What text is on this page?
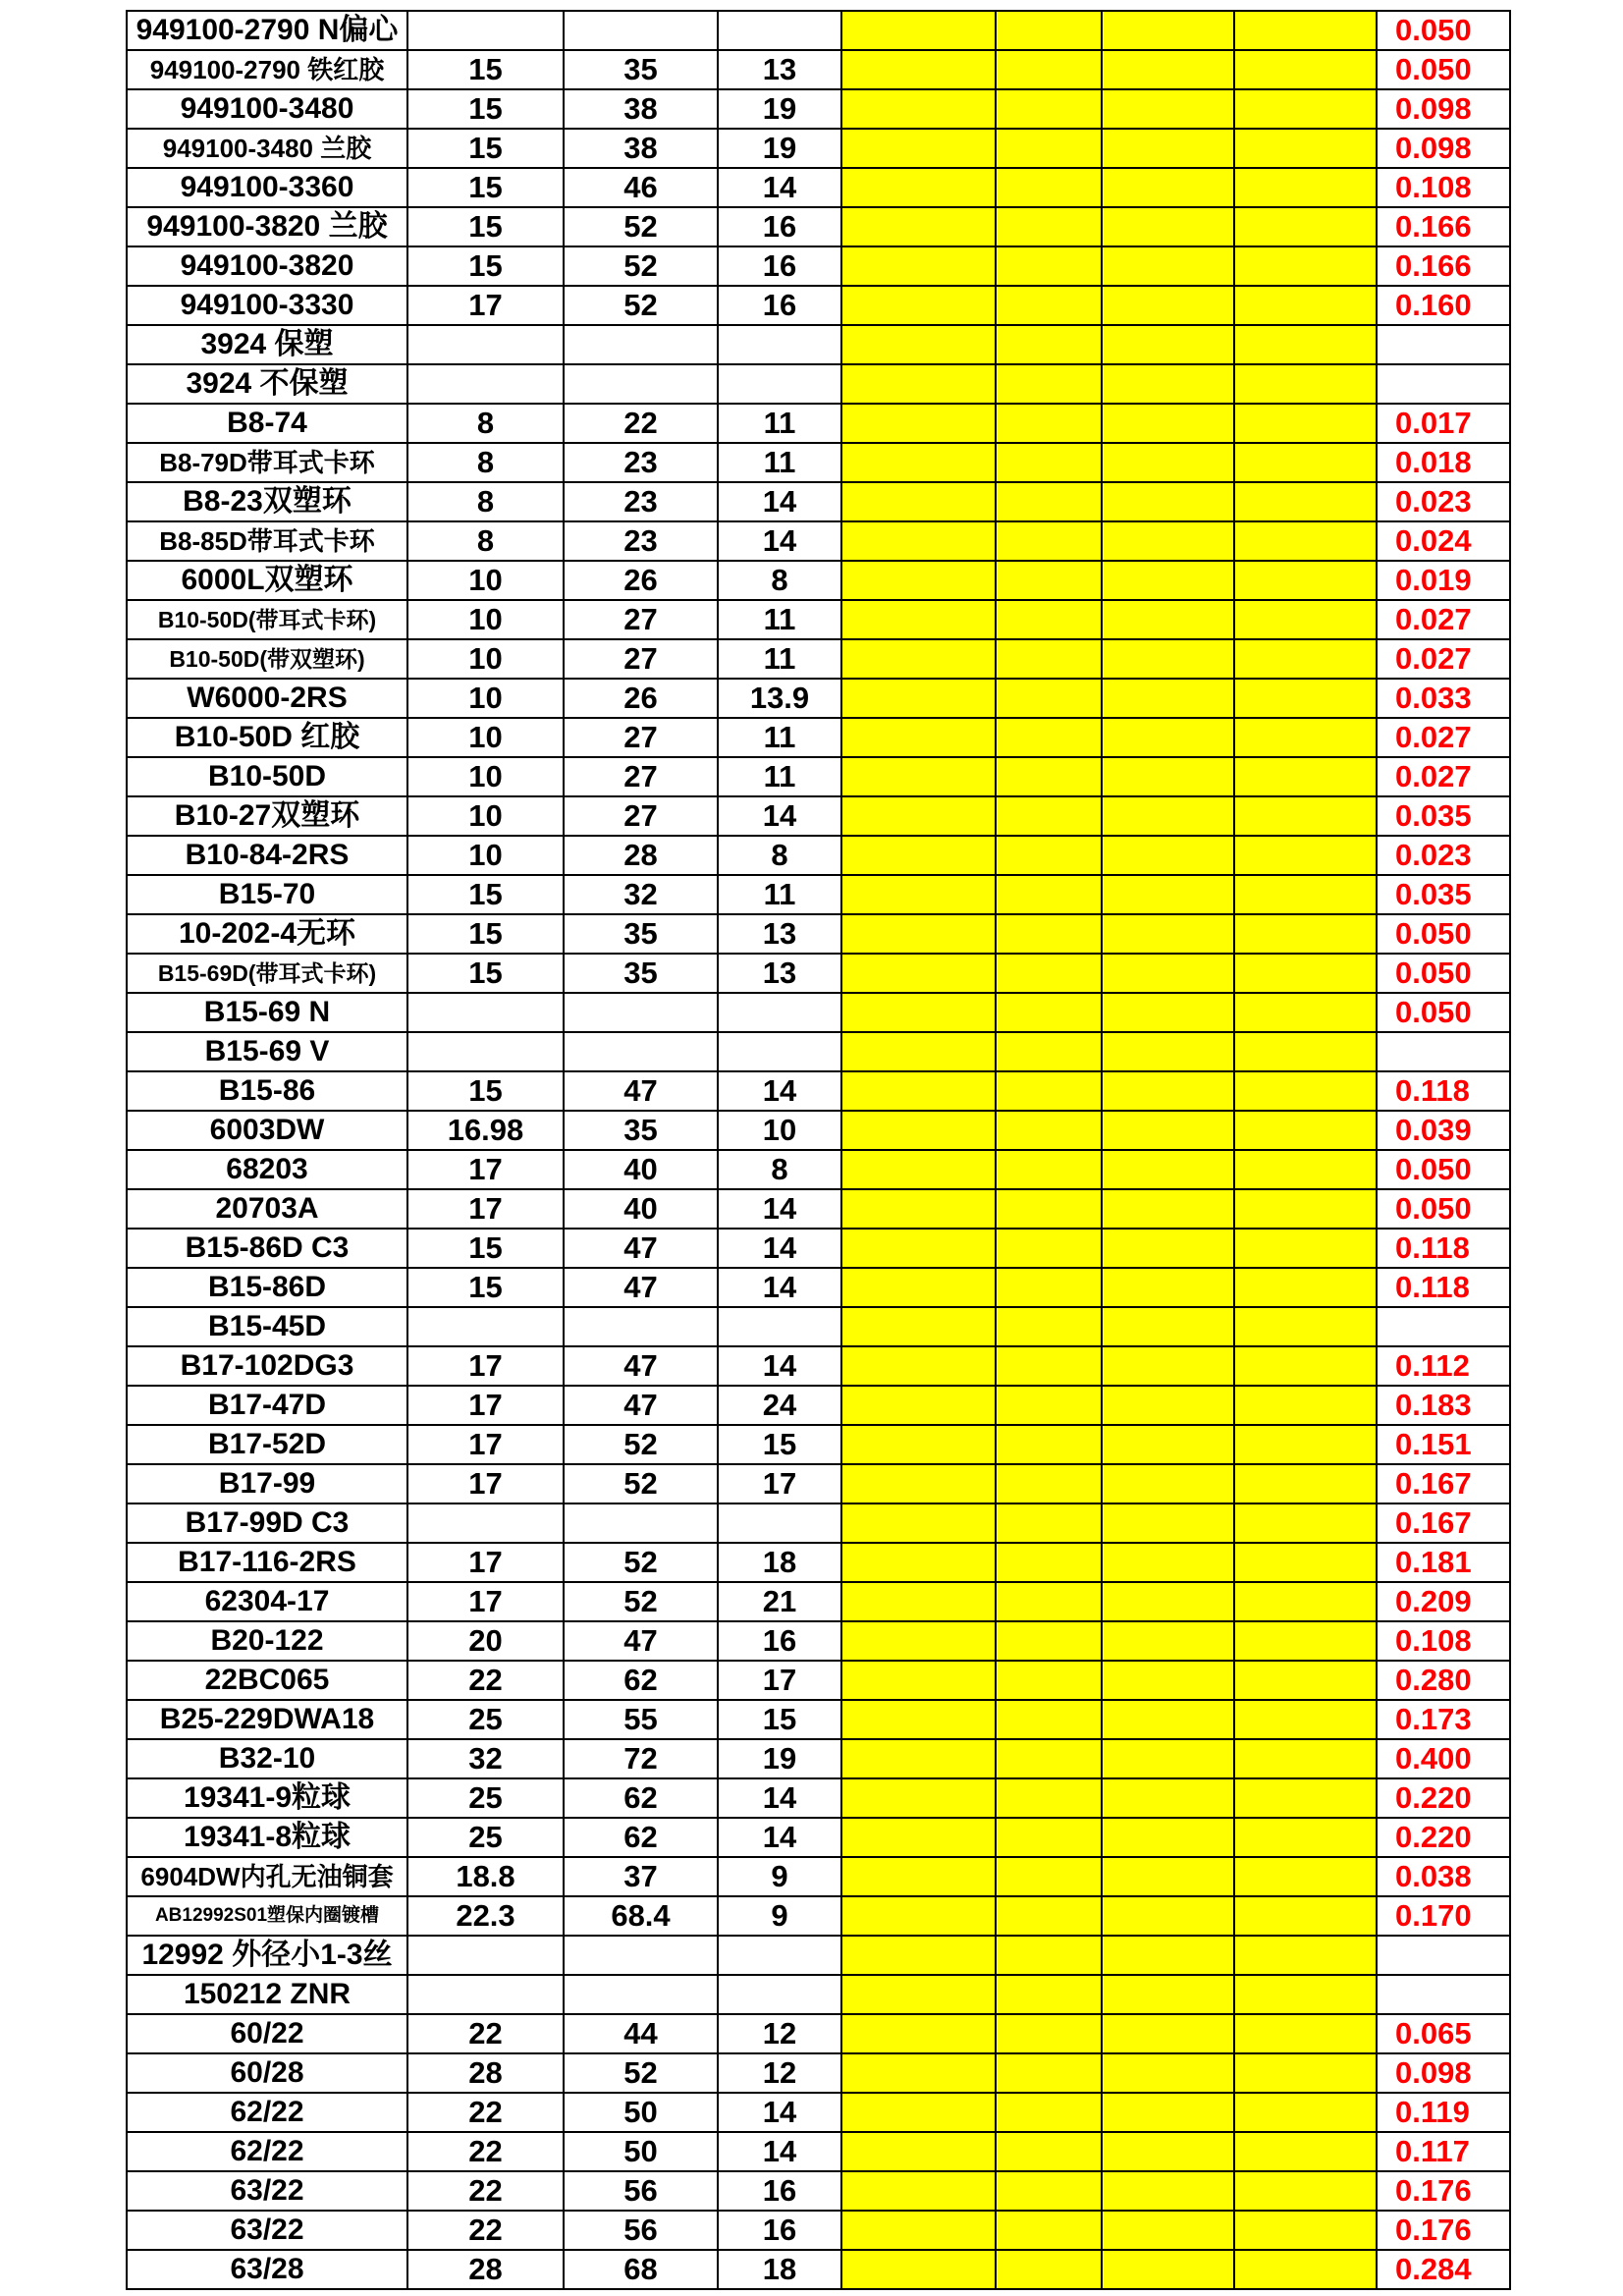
949100-2790 N偏心								0.050
949100-2790 铁红胶	15	35	13					0.050
949100-3480	15	38	19					0.098
949100-3480 兰胶	15	38	19					0.098
949100-3360	15	46	14					0.108
949100-3820 兰胶	15	52	16					0.166
949100-3820	15	52	16					0.166
949100-3330	17	52	16					0.160
3924 保塑								
3924 不保塑								
B8-74	8	22	11					0.017
B8-79D带耳式卡环	8	23	11					0.018
B8-23双塑环	8	23	14					0.023
B8-85D带耳式卡环	8	23	14					0.024
6000L双塑环	10	26	8					0.019
B10-50D(带耳式卡环)	10	27	11					0.027
B10-50D(带双塑环)	10	27	11					0.027
W6000-2RS	10	26	13.9					0.033
B10-50D 红胶	10	27	11					0.027
B10-50D	10	27	11					0.027
B10-27双塑环	10	27	14					0.035
B10-84-2RS	10	28	8					0.023
B15-70	15	32	11					0.035
10-202-4无环	15	35	13					0.050
B15-69D(带耳式卡环)	15	35	13					0.050
B15-69 N								0.050
B15-69 V								
B15-86	15	47	14					0.118
6003DW	16.98	35	10					0.039
68203	17	40	8					0.050
20703A	17	40	14					0.050
B15-86D C3	15	47	14					0.118
B15-86D	15	47	14					0.118
B15-45D								
B17-102DG3	17	47	14					0.112
B17-47D	17	47	24					0.183
B17-52D	17	52	15					0.151
B17-99	17	52	17					0.167
B17-99D C3								0.167
B17-116-2RS	17	52	18					0.181
62304-17	17	52	21					0.209
B20-122	20	47	16					0.108
22BC065	22	62	17					0.280
B25-229DWA18	25	55	15					0.173
B32-10	32	72	19					0.400
19341-9粒球	25	62	14					0.220
19341-8粒球	25	62	14					0.220
6904DW内孔无油铜套	18.8	37	9					0.038
AB12992S01塑保内圈镀槽	22.3	68.4	9					0.170
12992 外径小1-3丝								
150212 ZNR								
60/22	22	44	12					0.065
60/28	28	52	12					0.098
62/22	22	50	14					0.119
62/22	22	50	14					0.117
63/22	22	56	16					0.176
63/22	22	56	16					0.176
63/28	28	68	18					0.284
